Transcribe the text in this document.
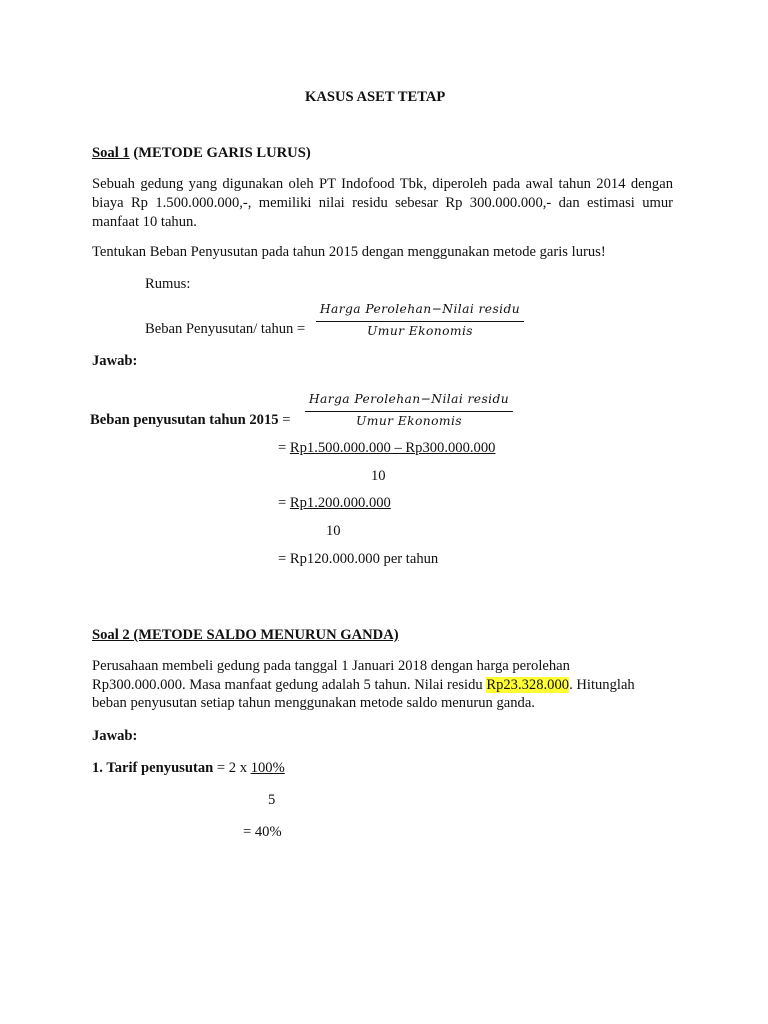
KASUS ASET TETAP
Soal 1 (METODE GARIS LURUS)
Sebuah gedung yang digunakan oleh PT Indofood Tbk, diperoleh pada awal tahun 2014 dengan biaya Rp 1.500.000.000,-, memiliki nilai residu sebesar Rp 300.000.000,- dan estimasi umur manfaat 10 tahun.
Tentukan Beban Penyusutan pada tahun 2015 dengan menggunakan metode garis lurus!
Rumus:
Beban Penyusutan/ tahun =
Harga Perolehan−Nilai residu
Umur Ekonomis
Jawab:
Beban penyusutan tahun 2015 =
Harga Perolehan−Nilai residu
Umur Ekonomis
= Rp1.500.000.000 – Rp300.000.000
10
= Rp1.200.000.000
10
= Rp120.000.000 per tahun
Soal 2 (METODE SALDO MENURUN GANDA)
Perusahaan membeli gedung pada tanggal 1 Januari 2018 dengan harga perolehan
Rp300.000.000. Masa manfaat gedung adalah 5 tahun. Nilai residu Rp23.328.000. Hitunglah
beban penyusutan setiap tahun menggunakan metode saldo menurun ganda.
Jawab:
1. Tarif penyusutan = 2 x 100%
5
= 40%
